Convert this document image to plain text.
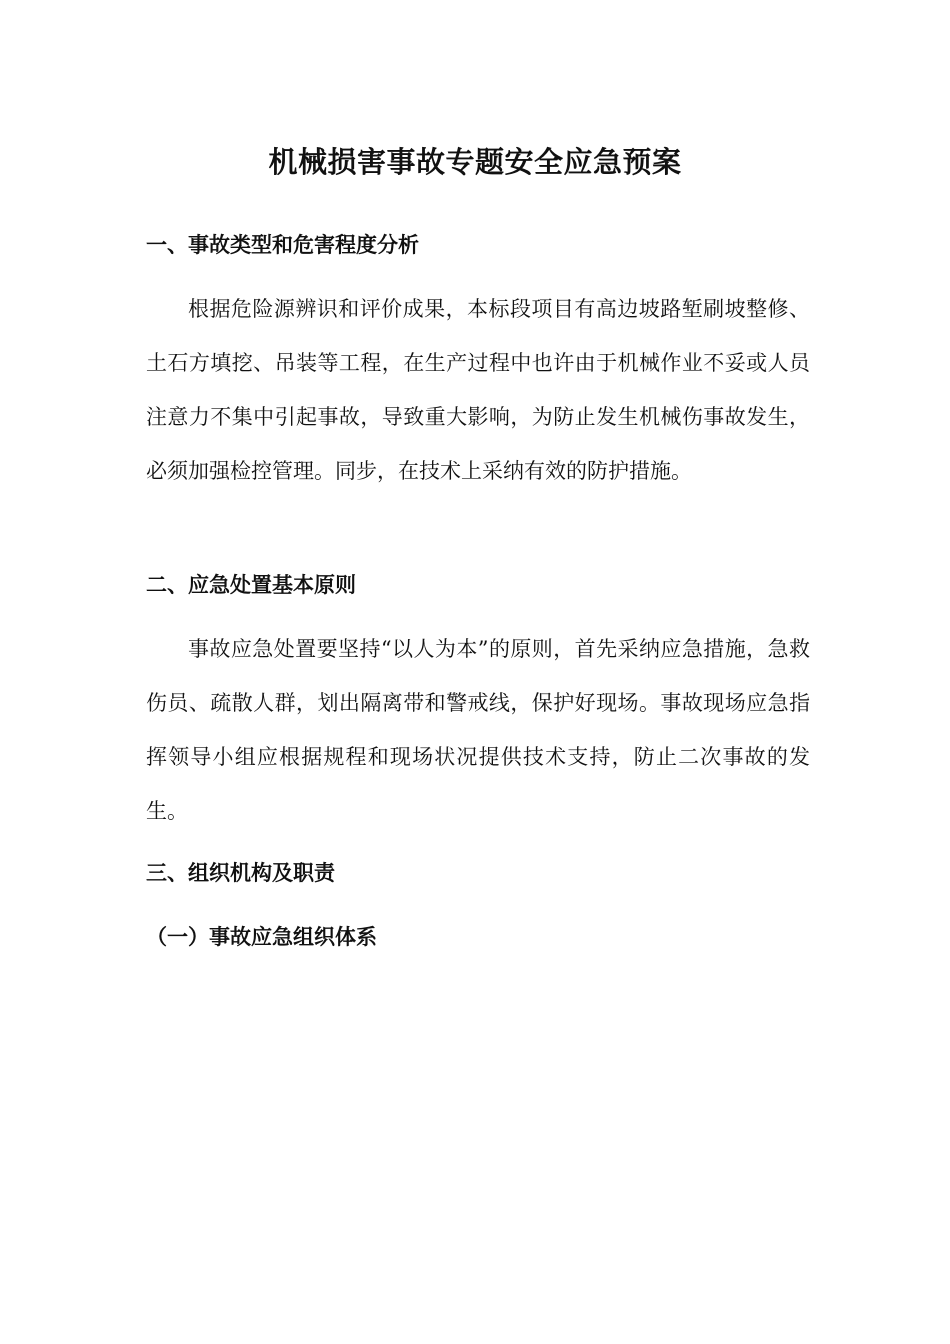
机械损害事故专题安全应急预案
一、事故类型和危害程度分析

根据危险源辨识和评价成果，本标段项目有高边坡路堑刷坡整修、土石方填挖、吊装等工程，在生产过程中也许由于机械作业不妥或人员注意力不集中引起事故，导致重大影响，为防止发生机械伤事故发生，必须加强检控管理。同步，在技术上采纳有效的防护措施。

二、应急处置基本原则

事故应急处置要坚持“以人为本”的原则，首先采纳应急措施，急救伤员、疏散人群，划出隔离带和警戒线，保护好现场。事故现场应急指挥领导小组应根据规程和现场状况提供技术支持，防止二次事故的发生。

三、组织机构及职责
（一）事故应急组织体系
